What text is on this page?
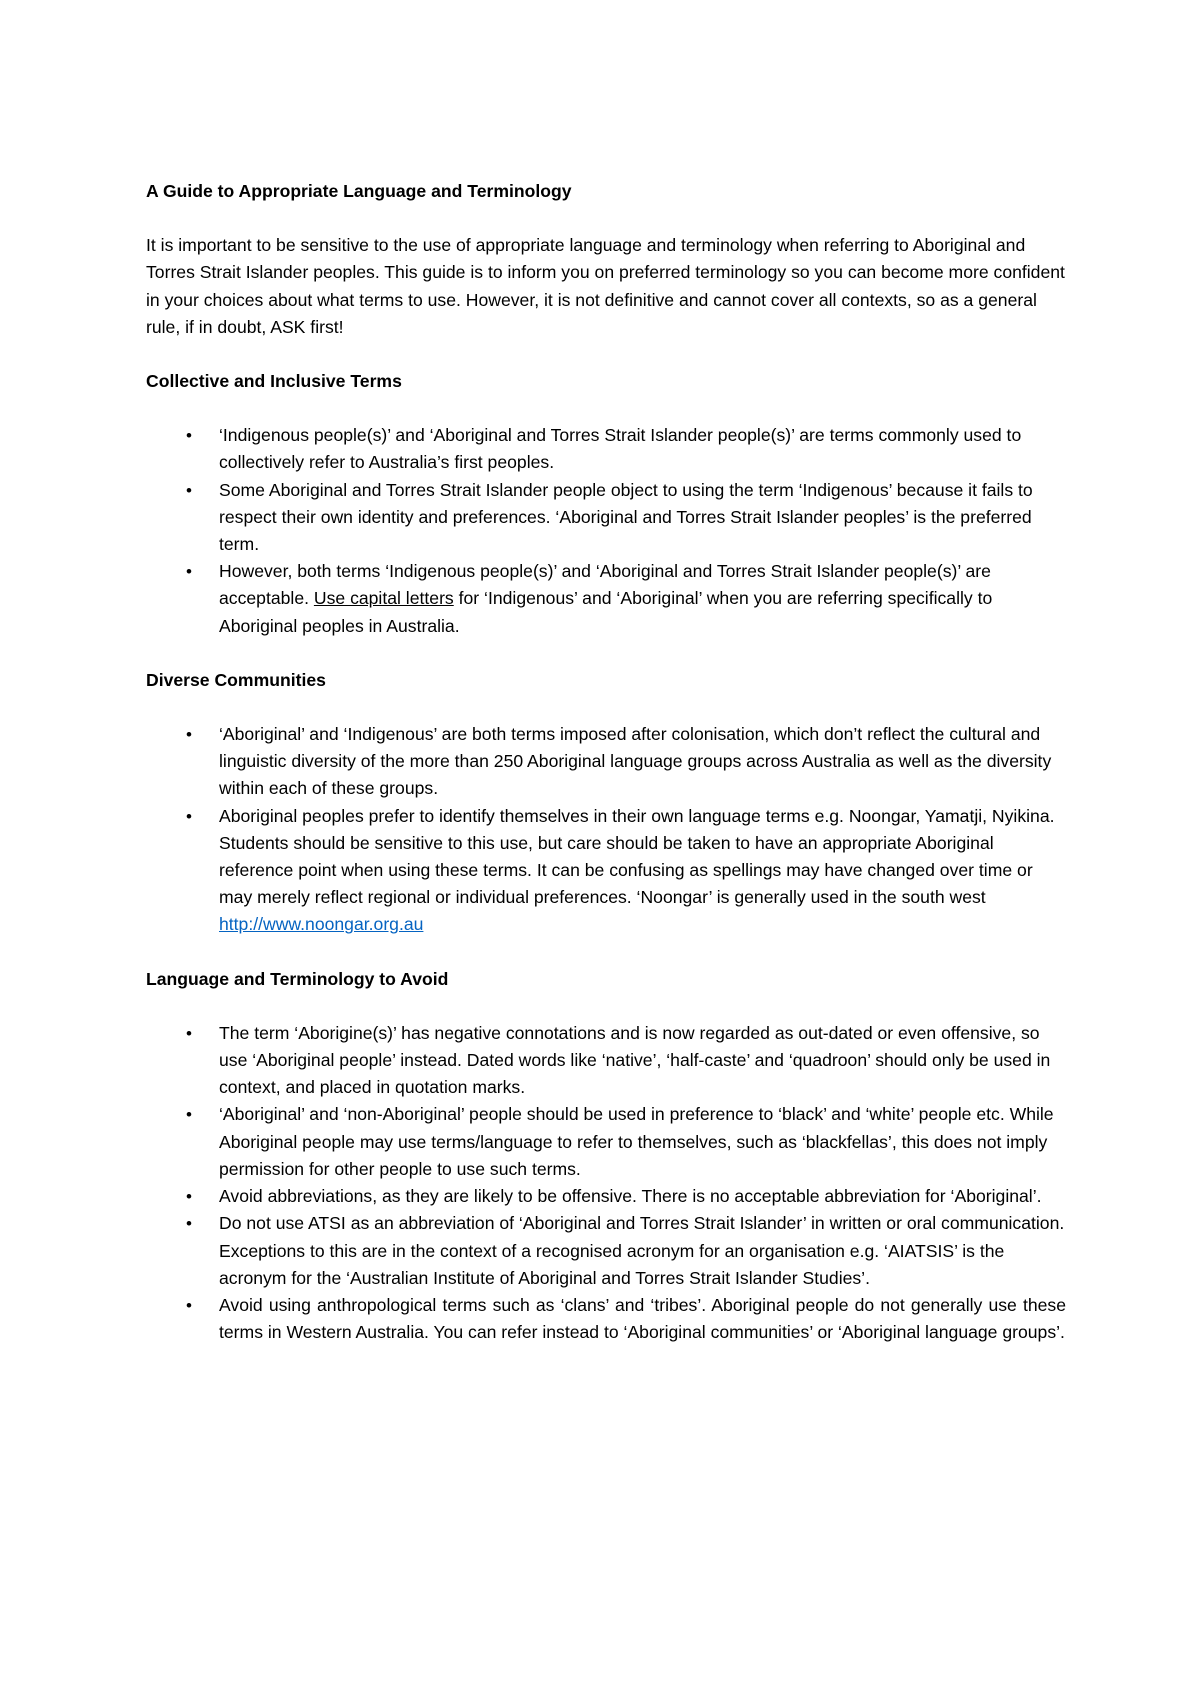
A Guide to Appropriate Language and Terminology

It is important to be sensitive to the use of appropriate language and terminology when referring to Aboriginal and Torres Strait Islander peoples. This guide is to inform you on preferred terminology so you can become more confident in your choices about what terms to use. However, it is not definitive and cannot cover all contexts, so as a general rule, if in doubt, ASK first!

Collective and Inclusive Terms

• ‘Indigenous people(s)’ and ‘Aboriginal and Torres Strait Islander people(s)’ are terms commonly used to collectively refer to Australia’s first peoples.
• Some Aboriginal and Torres Strait Islander people object to using the term ‘Indigenous’ because it fails to respect their own identity and preferences. ‘Aboriginal and Torres Strait Islander peoples’ is the preferred term.
• However, both terms ‘Indigenous people(s)’ and ‘Aboriginal and Torres Strait Islander people(s)’ are acceptable. Use capital letters for ‘Indigenous’ and ‘Aboriginal’ when you are referring specifically to Aboriginal peoples in Australia.

Diverse Communities

• ‘Aboriginal’ and ‘Indigenous’ are both terms imposed after colonisation, which don’t reflect the cultural and linguistic diversity of the more than 250 Aboriginal language groups across Australia as well as the diversity within each of these groups.
• Aboriginal peoples prefer to identify themselves in their own language terms e.g. Noongar, Yamatji, Nyikina. Students should be sensitive to this use, but care should be taken to have an appropriate Aboriginal reference point when using these terms. It can be confusing as spellings may have changed over time or may merely reflect regional or individual preferences. ‘Noongar’ is generally used in the south west http://www.noongar.org.au

Language and Terminology to Avoid

• The term ‘Aborigine(s)’ has negative connotations and is now regarded as out-dated or even offensive, so use ‘Aboriginal people’ instead. Dated words like ‘native’, ‘half-caste’ and ‘quadroon’ should only be used in context, and placed in quotation marks.
• ‘Aboriginal’ and ‘non-Aboriginal’ people should be used in preference to ‘black’ and ‘white’ people etc. While Aboriginal people may use terms/language to refer to themselves, such as ‘blackfellas’, this does not imply permission for other people to use such terms.
• Avoid abbreviations, as they are likely to be offensive. There is no acceptable abbreviation for ‘Aboriginal’.
• Do not use ATSI as an abbreviation of ‘Aboriginal and Torres Strait Islander’ in written or oral communication. Exceptions to this are in the context of a recognised acronym for an organisation e.g. ‘AIATSIS’ is the acronym for the ‘Australian Institute of Aboriginal and Torres Strait Islander Studies’.
• Avoid using anthropological terms such as ‘clans’ and ‘tribes’. Aboriginal people do not generally use these terms in Western Australia. You can refer instead to ‘Aboriginal communities’ or ‘Aboriginal language groups’.
